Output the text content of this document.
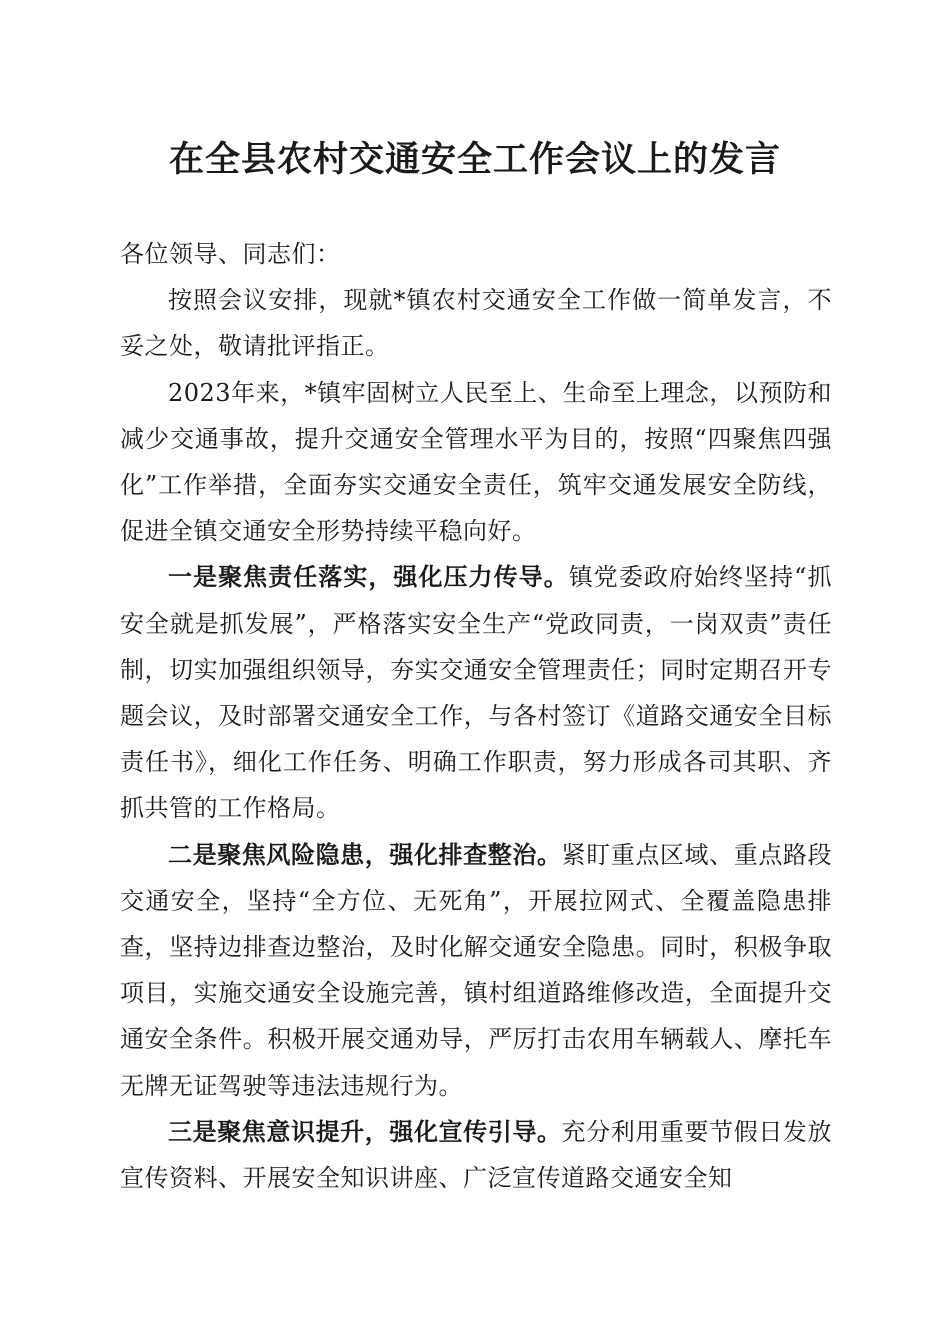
在全县农村交通安全工作会议上的发言

各位领导、同志们：

按照会议安排，现就*镇农村交通安全工作做一简单发言，不妥之处，敬请批评指正。

2023年来，*镇牢固树立人民至上、生命至上理念，以预防和减少交通事故，提升交通安全管理水平为目的，按照“四聚焦四强化”工作举措，全面夯实交通安全责任，筑牢交通发展安全防线，促进全镇交通安全形势持续平稳向好。

一是聚焦责任落实，强化压力传导。镇党委政府始终坚持“抓安全就是抓发展”，严格落实安全生产“党政同责，一岗双责”责任制，切实加强组织领导，夯实交通安全管理责任；同时定期召开专题会议，及时部署交通安全工作，与各村签订《道路交通安全目标责任书》，细化工作任务、明确工作职责，努力形成各司其职、齐抓共管的工作格局。

二是聚焦风险隐患，强化排查整治。紧盯重点区域、重点路段交通安全，坚持“全方位、无死角”，开展拉网式、全覆盖隐患排查，坚持边排查边整治，及时化解交通安全隐患。同时，积极争取项目，实施交通安全设施完善，镇村组道路维修改造，全面提升交通安全条件。积极开展交通劝导，严厉打击农用车辆载人、摩托车无牌无证驾驶等违法违规行为。

三是聚焦意识提升，强化宣传引导。充分利用重要节假日发放宣传资料、开展安全知识讲座、广泛宣传道路交通安全知
